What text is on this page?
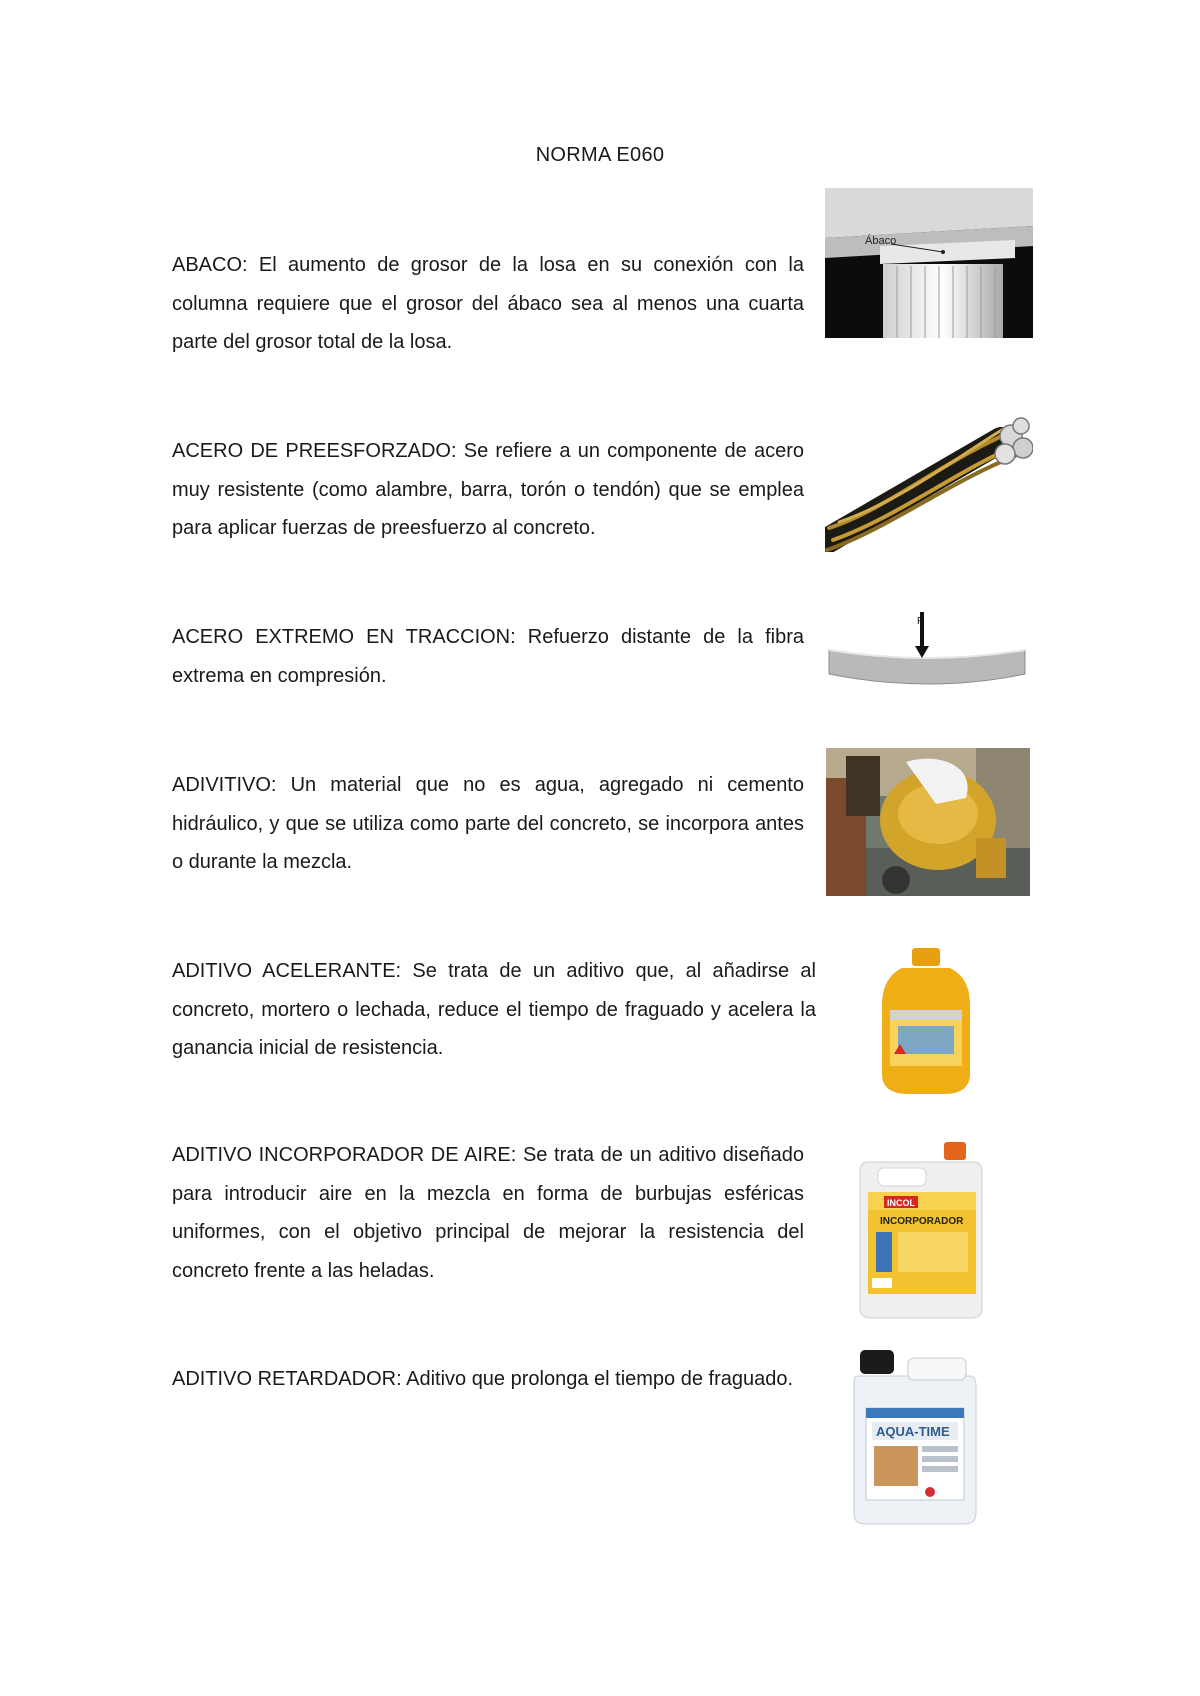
NORMA E060
ABACO: El aumento de grosor de la losa en su conexión con la columna requiere que el grosor del ábaco sea al menos una cuarta parte del grosor total de la losa.
Ábaco
ACERO DE PREESFORZADO: Se refiere a un componente de acero muy resistente (como alambre, barra, torón o tendón) que se emplea para aplicar fuerzas de preesfuerzo al concreto.
ACERO EXTREMO EN TRACCION: Refuerzo distante de la fibra extrema en compresión.
P
ADIVITIVO: Un material que no es agua, agregado ni cemento hidráulico, y que se utiliza como parte del concreto, se incorpora antes o durante la mezcla.
ADITIVO ACELERANTE: Se trata de un aditivo que, al añadirse al concreto, mortero o lechada, reduce el tiempo de fraguado y acelera la ganancia inicial de resistencia.
ADITIVO INCORPORADOR DE AIRE: Se trata de un aditivo diseñado para introducir aire en la mezcla en forma de burbujas esféricas uniformes, con el objetivo principal de mejorar la resistencia del concreto frente a las heladas.
INCOL
INCORPORADOR
ADITIVO RETARDADOR: Aditivo que prolonga el tiempo de fraguado.
AQUA-TIME
